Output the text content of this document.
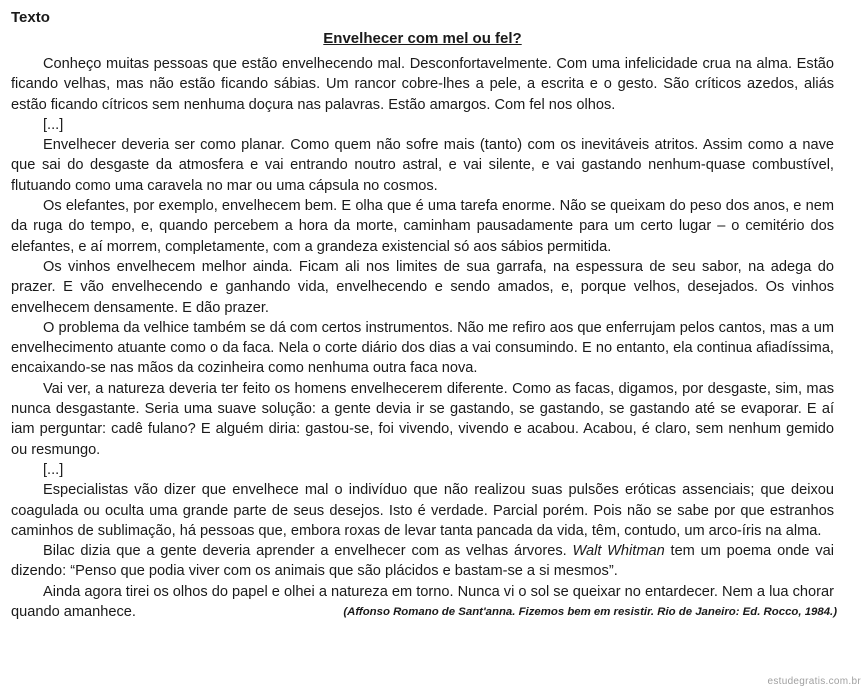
Texto
Envelhecer com mel ou fel?

Conheço muitas pessoas que estão envelhecendo mal. Desconfortavelmente. Com uma infelicidade crua na alma. Estão ficando velhas, mas não estão ficando sábias. Um rancor cobre-lhes a pele, a escrita e o gesto. São críticos azedos, aliás estão ficando cítricos sem nenhuma doçura nas palavras. Estão amargos. Com fel nos olhos.

[...]

Envelhecer deveria ser como planar. Como quem não sofre mais (tanto) com os inevitáveis atritos. Assim como a nave que sai do desgaste da atmosfera e vai entrando noutro astral, e vai silente, e vai gastando nenhum-quase combustível, flutuando como uma caravela no mar ou uma cápsula no cosmos.

Os elefantes, por exemplo, envelhecem bem. E olha que é uma tarefa enorme. Não se queixam do peso dos anos, e nem da ruga do tempo, e, quando percebem a hora da morte, caminham pausadamente para um certo lugar – o cemitério dos elefantes, e aí morrem, completamente, com a grandeza existencial só aos sábios permitida.

Os vinhos envelhecem melhor ainda. Ficam ali nos limites de sua garrafa, na espessura de seu sabor, na adega do prazer. E vão envelhecendo e ganhando vida, envelhecendo e sendo amados, e, porque velhos, desejados. Os vinhos envelhecem densamente. E dão prazer.

O problema da velhice também se dá com certos instrumentos. Não me refiro aos que enferrujam pelos cantos, mas a um envelhecimento atuante como o da faca. Nela o corte diário dos dias a vai consumindo. E no entanto, ela continua afiadíssima, encaixando-se nas mãos da cozinheira como nenhuma outra faca nova.

Vai ver, a natureza deveria ter feito os homens envelhecerem diferente. Como as facas, digamos, por desgaste, sim, mas nunca desgastante. Seria uma suave solução: a gente devia ir se gastando, se gastando, se gastando até se evaporar. E aí iam perguntar: cadê fulano? E alguém diria: gastou-se, foi vivendo, vivendo e acabou. Acabou, é claro, sem nenhum gemido ou resmungo.

[...]

Especialistas vão dizer que envelhece mal o indivíduo que não realizou suas pulsões eróticas assenciais; que deixou coagulada ou oculta uma grande parte de seus desejos. Isto é verdade. Parcial porém. Pois não se sabe por que estranhos caminhos de sublimação, há pessoas que, embora roxas de levar tanta pancada da vida, têm, contudo, um arco-íris na alma.

Bilac dizia que a gente deveria aprender a envelhecer com as velhas árvores. Walt Whitman tem um poema onde vai dizendo: “Penso que podia viver com os animais que são plácidos e bastam-se a si mesmos”.

Ainda agora tirei os olhos do papel e olhei a natureza em torno. Nunca vi o sol se queixar no entardecer. Nem a lua chorar quando amanhece.	(Affonso Romano de Sant'anna. Fizemos bem em resistir. Rio de Janeiro: Ed. Rocco, 1984.)

estudegratis.com.br
